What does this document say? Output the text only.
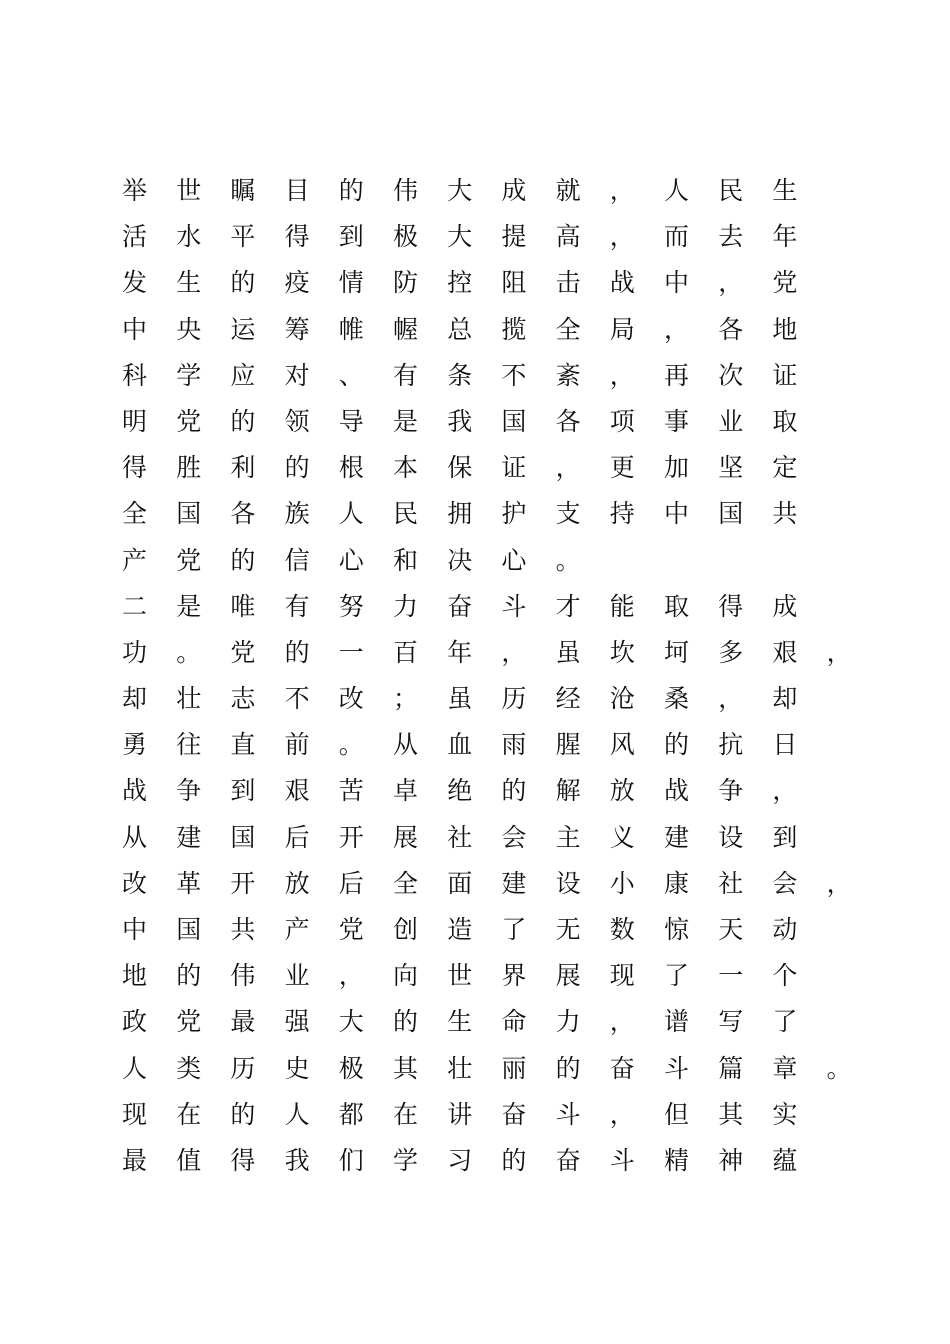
举世瞩目的伟大成就，人民生
活水平得到极大提高，而去年
发生的疫情防控阻击战中，党
中央运筹帷幄总揽全局，各地
科学应对、有条不紊，再次证
明党的领导是我国各项事业取
得胜利的根本保证，更加坚定
全国各族人民拥护支持中国共
产党的信心和决心。
二是唯有努力奋斗才能取得成
功。党的一百年，虽坎坷多艰，
却壮志不改；虽历经沧桑，却
勇往直前。从血雨腥风的抗日
战争到艰苦卓绝的解放战争，
从建国后开展社会主义建设到
改革开放后全面建设小康社会，
中国共产党创造了无数惊天动
地的伟业，向世界展现了一个
政党最强大的生命力，谱写了
人类历史极其壮丽的奋斗篇章。
现在的人都在讲奋斗，但其实
最值得我们学习的奋斗精神蕴
